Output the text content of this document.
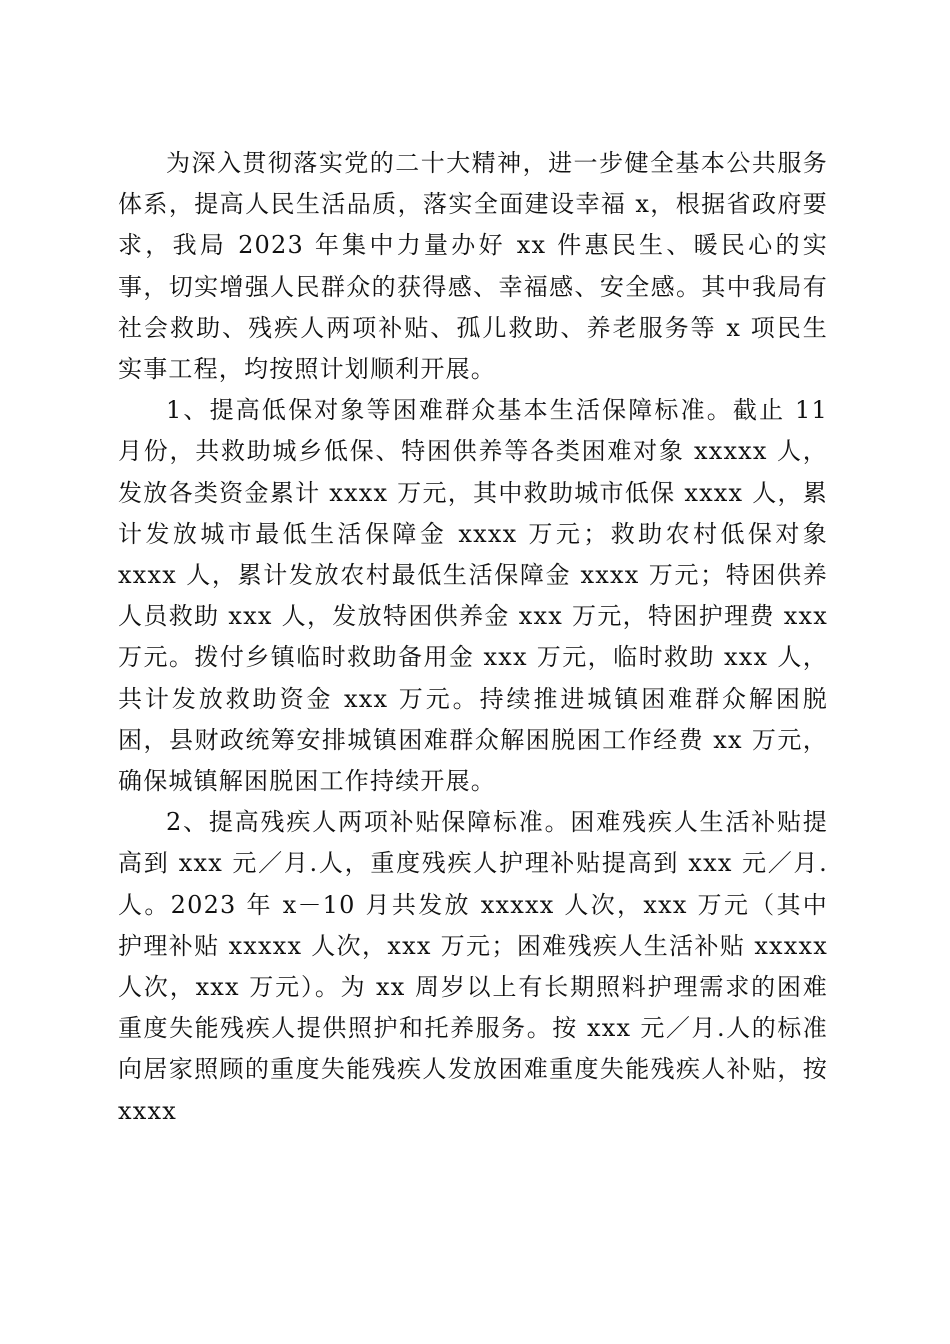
为深入贯彻落实党的二十大精神，进一步健全基本公共服务体系，提高人民生活品质，落实全面建设幸福 x，根据省政府要求，我局 2023 年集中力量办好 xx 件惠民生、暖民心的实事，切实增强人民群众的获得感、幸福感、安全感。其中我局有社会救助、残疾人两项补贴、孤儿救助、养老服务等 x 项民生实事工程，均按照计划顺利开展。

1、提高低保对象等困难群众基本生活保障标准。截止 11 月份，共救助城乡低保、特困供养等各类困难对象 xxxxx 人，发放各类资金累计 xxxx 万元，其中救助城市低保 xxxx 人，累计发放城市最低生活保障金 xxxx 万元；救助农村低保对象 xxxx 人，累计发放农村最低生活保障金 xxxx 万元；特困供养人员救助 xxx 人，发放特困供养金 xxx 万元，特困护理费 xxx 万元。拨付乡镇临时救助备用金 xxx 万元，临时救助 xxx 人，共计发放救助资金 xxx 万元。持续推进城镇困难群众解困脱困，县财政统筹安排城镇困难群众解困脱困工作经费 xx 万元，确保城镇解困脱困工作持续开展。

2、提高残疾人两项补贴保障标准。困难残疾人生活补贴提高到 xxx 元／月.人，重度残疾人护理补贴提高到 xxx 元／月.人。2023 年 x－10 月共发放 xxxxx 人次，xxx 万元（其中护理补贴 xxxxx 人次，xxx 万元；困难残疾人生活补贴 xxxxx 人次，xxx 万元）。为 xx 周岁以上有长期照料护理需求的困难重度失能残疾人提供照护和托养服务。按 xxx 元／月.人的标准向居家照顾的重度失能残疾人发放困难重度失能残疾人补贴，按 xxxx
